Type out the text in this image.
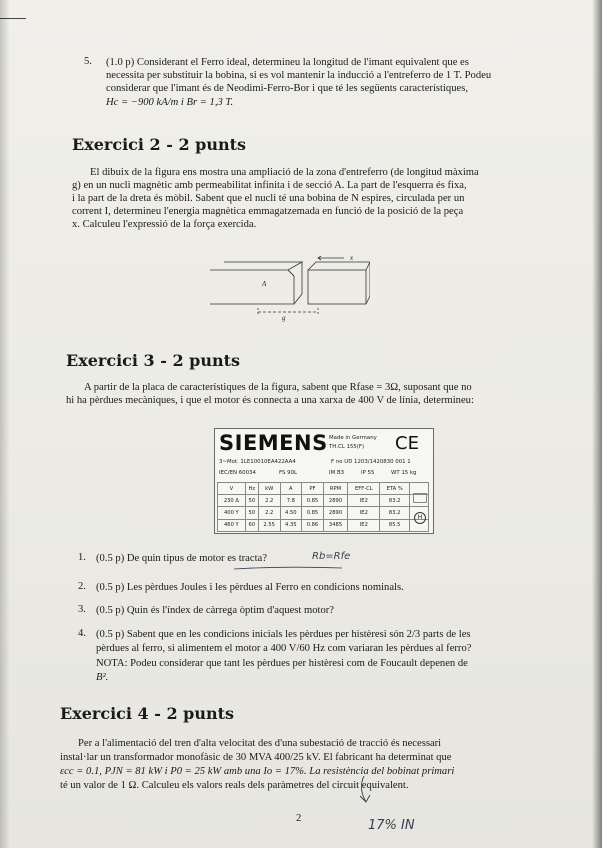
5. (1.0 p) Considerant el Ferro ideal, determineu la longitud de l'imant equivalent que es
necessita per substituir la bobina, si es vol mantenir la inducció a l'entreferro de 1 T. Podeu
considerar que l'imant és de Neodimi-Ferro-Bor i que té les següents característiques,
Hc = −900 kA/m i Br = 1,3 T.
Exercici 2 - 2 punts
El dibuix de la figura ens mostra una ampliació de la zona d'entreferro (de longitud màxima
g) en un nucli magnètic amb permeabilitat infinita i de secció A. La part de l'esquerra és fixa,
i la part de la dreta és mòbil. Sabent que el nucli té una bobina de N espires, circulada per un
corrent I, determineu l'energia magnètica emmagatzemada en funció de la posició de la peça
x. Calculeu l'expressió de la força exercida.
A
x
g
Exercici 3 - 2 punts
A partir de la placa de característiques de la figura, sabent que Rfase = 3Ω, suposant que no
hi ha pèrdues mecàniques, i que el motor és connecta a una xarxa de 400 V de línia, determineu:
SIEMENS Made in Germany
TH.CL 155(F) CE
3~Mot. 1LE10010EA422AA4	F no UD 1203/1420830 001 1
IEC/EN 60034	FS 90L	IM B3	IP 55	WT 15 kg
V	Hz	kW	A	PF	RPM	EFF-CL	ETA %	
230 Δ	50	2.2	7.8	0.85	2890	IE2	83.2	
400 Y	50	2.2	4.50	0.85	2890	IE2	83.2	
460 Y	60	2.55	4.35	0.86	3485	IE2	85.5	
H
1. (0.5 p) De quin tipus de motor es tracta?	Rb=Rfe
2. (0.5 p) Les pèrdues Joules i les pèrdues al Ferro en condicions nominals.
3. (0.5 p) Quin és l'índex de càrrega òptim d'aquest motor?
4. (0.5 p) Sabent que en les condicions inicials les pèrdues per histèresi són 2/3 parts de les
pèrdues al ferro, si alimentem el motor a 400 V/60 Hz com variaran les pèrdues al ferro?
NOTA: Podeu considerar que tant les pèrdues per histèresi com de Foucault depenen de
B².
Exercici 4 - 2 punts
Per a l'alimentació del tren d'alta velocitat des d'una subestació de tracció és necessari
instal·lar un transformador monofàsic de 30 MVA 400/25 kV. El fabricant ha determinat que
εcc = 0.1, PJN = 81 kW i P0 = 25 kW amb una Io = 17%. La resistència del bobinat primari
té un valor de 1 Ω. Calculeu els valors reals dels paràmetres del circuit equivalent.
17% IN
2
